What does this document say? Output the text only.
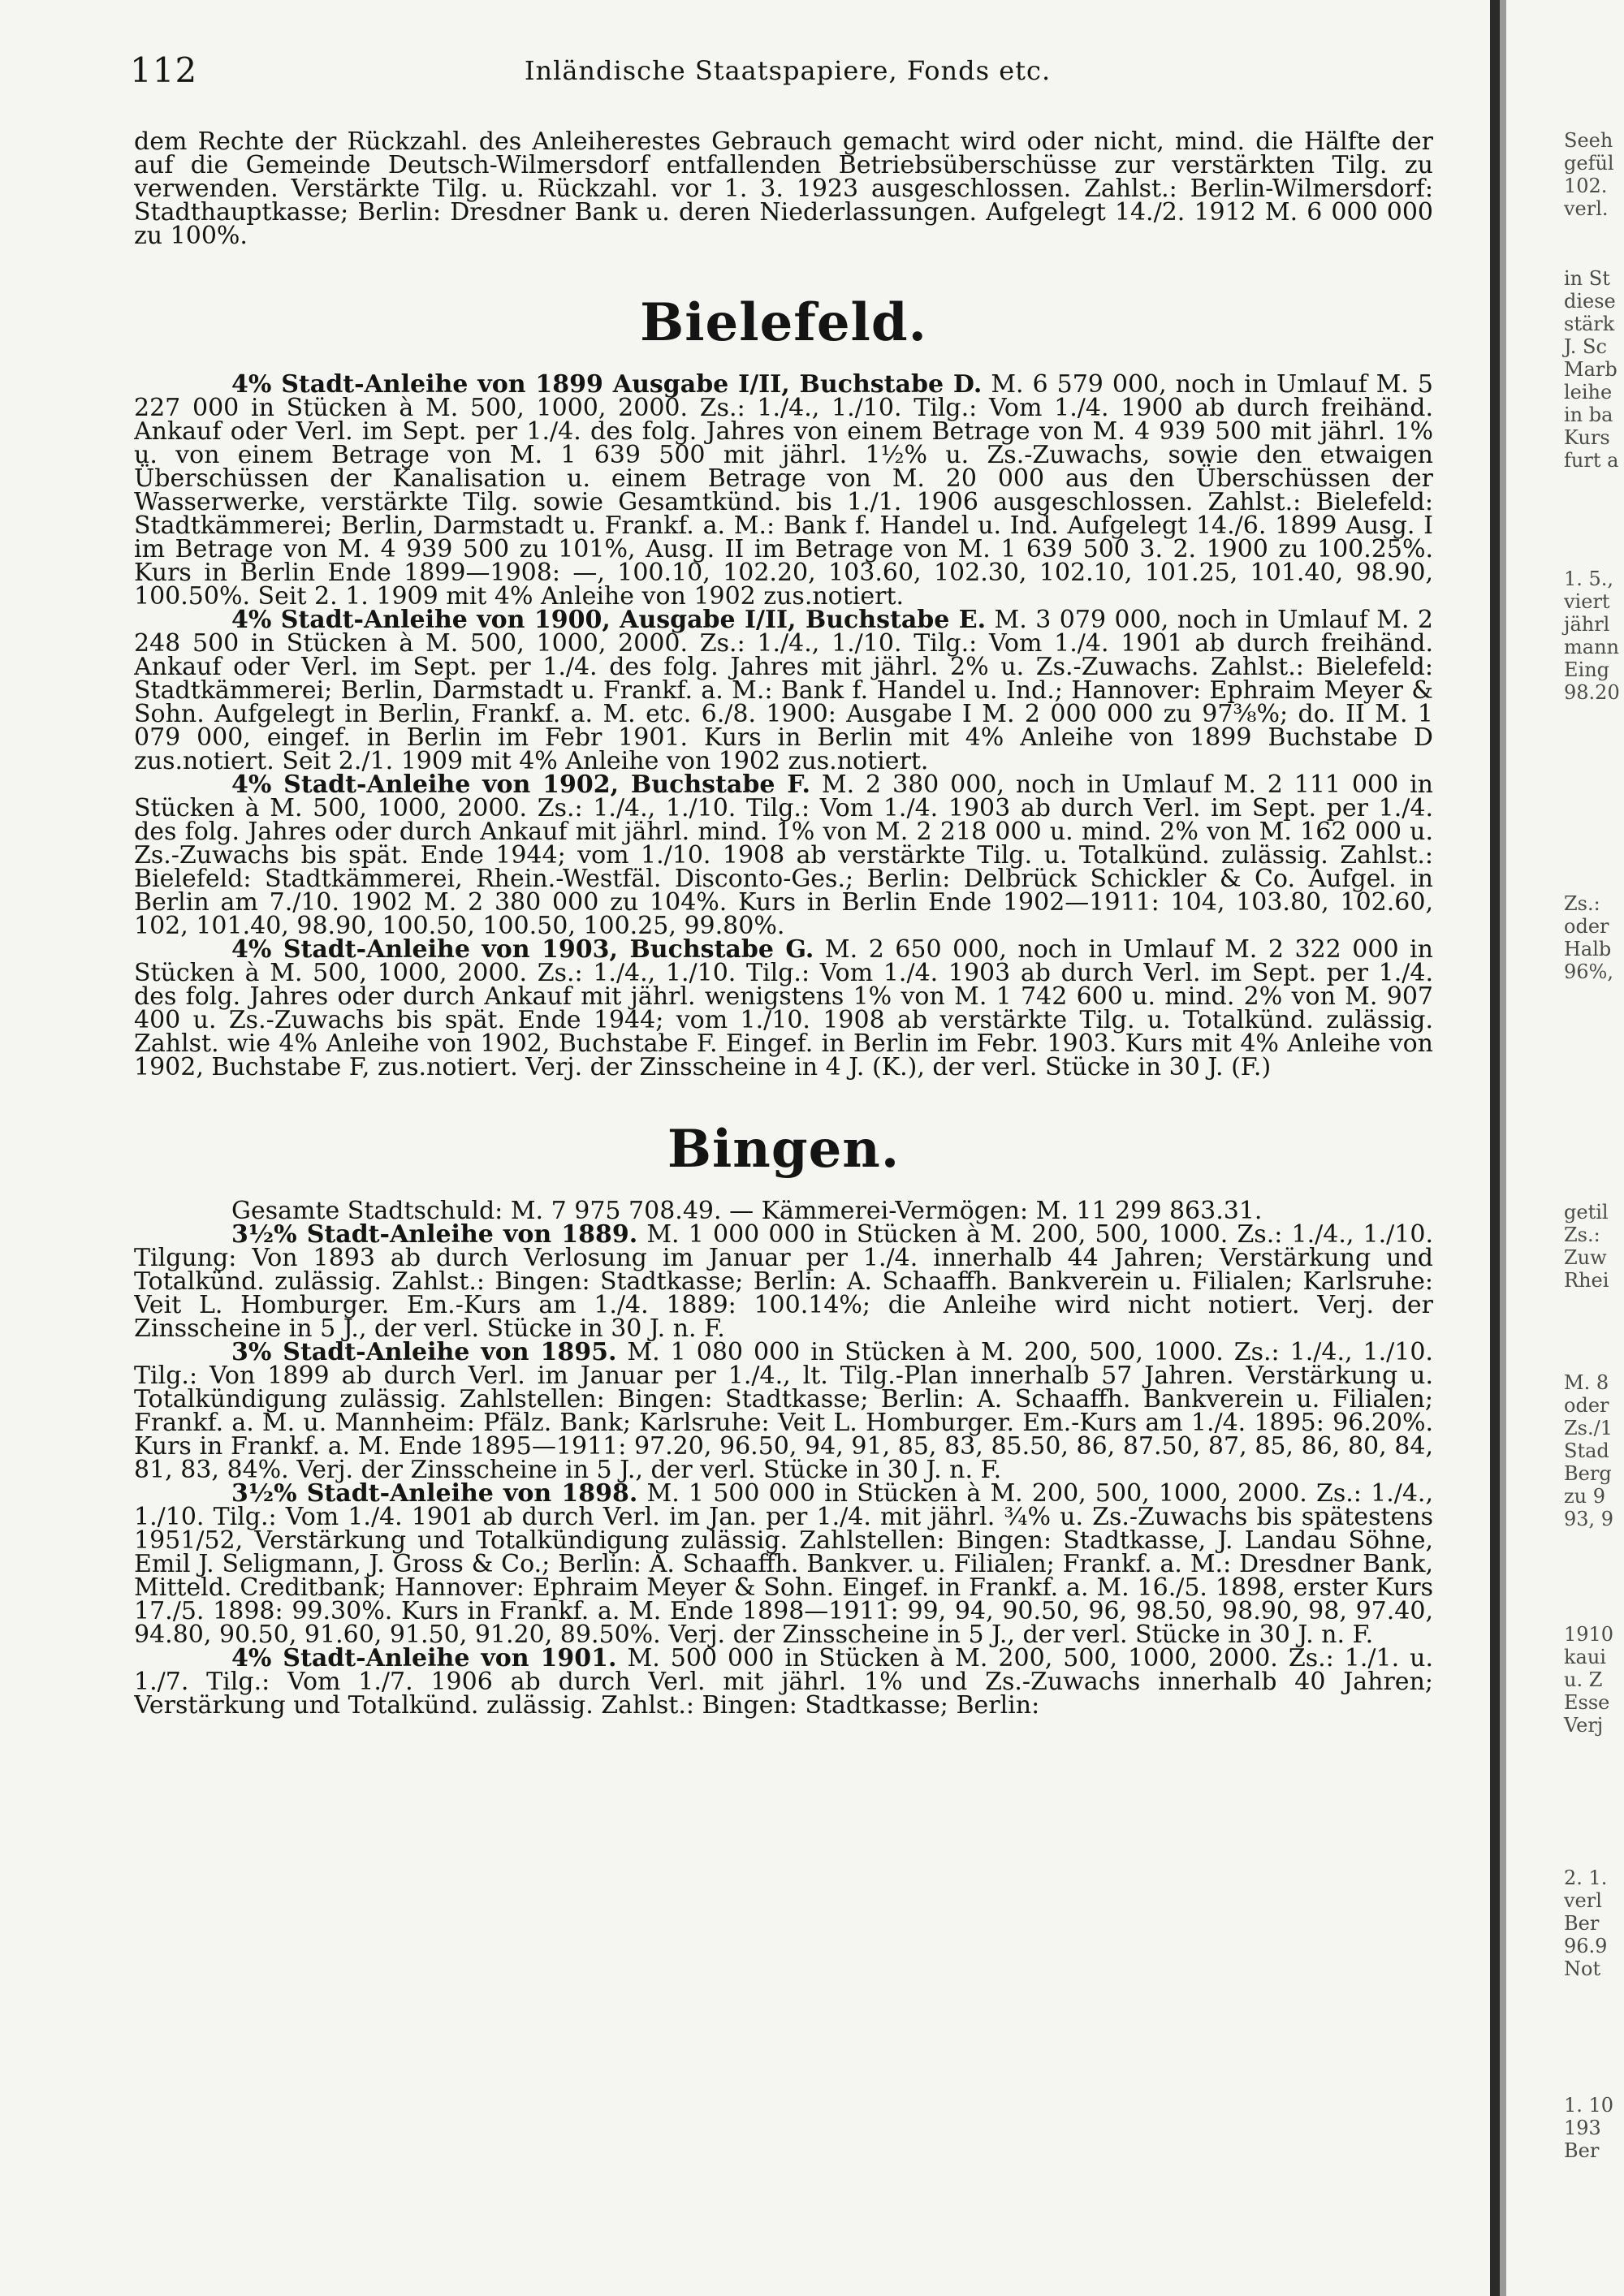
112	Inländische Staatspapiere, Fonds etc.

dem Rechte der Rückzahl. des Anleiherestes Gebrauch gemacht wird oder nicht, mind. die Hälfte der auf die Gemeinde Deutsch-Wilmersdorf entfallenden Betriebsüberschüsse zur verstärkten Tilg. zu verwenden. Verstärkte Tilg. u. Rückzahl. vor 1. 3. 1923 ausgeschlossen. Zahlst.: Berlin-Wilmersdorf: Stadthauptkasse; Berlin: Dresdner Bank u. deren Niederlassungen. Aufgelegt 14./2. 1912 M. 6 000 000 zu 100%.

Bielefeld.

4% Stadt-Anleihe von 1899 Ausgabe I/II, Buchstabe D. M. 6 579 000, noch in Umlauf M. 5 227 000 in Stücken à M. 500, 1000, 2000. Zs.: 1./4., 1./10. Tilg.: Vom 1./4. 1900 ab durch freihänd. Ankauf oder Verl. im Sept. per 1./4. des folg. Jahres von einem Betrage von M. 4 939 500 mit jährl. 1% u. von einem Betrage von M. 1 639 500 mit jährl. 1½% u. Zs.-Zuwachs, sowie den etwaigen Überschüssen der Kanalisation u. einem Betrage von M. 20 000 aus den Überschüssen der Wasserwerke, verstärkte Tilg. sowie Gesamtkünd. bis 1./1. 1906 ausgeschlossen. Zahlst.: Bielefeld: Stadtkämmerei; Berlin, Darmstadt u. Frankf. a. M.: Bank f. Handel u. Ind. Aufgelegt 14./6. 1899 Ausg. I im Betrage von M. 4 939 500 zu 101%, Ausg. II im Betrage von M. 1 639 500 3. 2. 1900 zu 100.25%. Kurs in Berlin Ende 1899—1908: —, 100.10, 102.20, 103.60, 102.30, 102.10, 101.25, 101.40, 98.90, 100.50%. Seit 2. 1. 1909 mit 4% Anleihe von 1902 zus.notiert.

4% Stadt-Anleihe von 1900, Ausgabe I/II, Buchstabe E. M. 3 079 000, noch in Umlauf M. 2 248 500 in Stücken à M. 500, 1000, 2000. Zs.: 1./4., 1./10. Tilg.: Vom 1./4. 1901 ab durch freihänd. Ankauf oder Verl. im Sept. per 1./4. des folg. Jahres mit jährl. 2% u. Zs.-Zuwachs. Zahlst.: Bielefeld: Stadtkämmerei; Berlin, Darmstadt u. Frankf. a. M.: Bank f. Handel u. Ind.; Hannover: Ephraim Meyer & Sohn. Aufgelegt in Berlin, Frankf. a. M. etc. 6./8. 1900: Ausgabe I M. 2 000 000 zu 97⅜%; do. II M. 1 079 000, eingef. in Berlin im Febr 1901. Kurs in Berlin mit 4% Anleihe von 1899 Buchstabe D zus.notiert. Seit 2./1. 1909 mit 4% Anleihe von 1902 zus.notiert.

4% Stadt-Anleihe von 1902, Buchstabe F. M. 2 380 000, noch in Umlauf M. 2 111 000 in Stücken à M. 500, 1000, 2000. Zs.: 1./4., 1./10. Tilg.: Vom 1./4. 1903 ab durch Verl. im Sept. per 1./4. des folg. Jahres oder durch Ankauf mit jährl. mind. 1% von M. 2 218 000 u. mind. 2% von M. 162 000 u. Zs.-Zuwachs bis spät. Ende 1944; vom 1./10. 1908 ab verstärkte Tilg. u. Totalkünd. zulässig. Zahlst.: Bielefeld: Stadtkämmerei, Rhein.-Westfäl. Disconto-Ges.; Berlin: Delbrück Schickler & Co. Aufgel. in Berlin am 7./10. 1902 M. 2 380 000 zu 104%. Kurs in Berlin Ende 1902—1911: 104, 103.80, 102.60, 102, 101.40, 98.90, 100.50, 100.50, 100.25, 99.80%.

4% Stadt-Anleihe von 1903, Buchstabe G. M. 2 650 000, noch in Umlauf M. 2 322 000 in Stücken à M. 500, 1000, 2000. Zs.: 1./4., 1./10. Tilg.: Vom 1./4. 1903 ab durch Verl. im Sept. per 1./4. des folg. Jahres oder durch Ankauf mit jährl. wenigstens 1% von M. 1 742 600 u. mind. 2% von M. 907 400 u. Zs.-Zuwachs bis spät. Ende 1944; vom 1./10. 1908 ab verstärkte Tilg. u. Totalkünd. zulässig. Zahlst. wie 4% Anleihe von 1902, Buchstabe F. Eingef. in Berlin im Febr. 1903. Kurs mit 4% Anleihe von 1902, Buchstabe F, zus.notiert. Verj. der Zinsscheine in 4 J. (K.), der verl. Stücke in 30 J. (F.)

Bingen.

Gesamte Stadtschuld: M. 7 975 708.49. — Kämmerei-Vermögen: M. 11 299 863.31.

3½% Stadt-Anleihe von 1889. M. 1 000 000 in Stücken à M. 200, 500, 1000. Zs.: 1./4., 1./10. Tilgung: Von 1893 ab durch Verlosung im Januar per 1./4. innerhalb 44 Jahren; Verstärkung und Totalkünd. zulässig. Zahlst.: Bingen: Stadtkasse; Berlin: A. Schaaffh. Bankverein u. Filialen; Karlsruhe: Veit L. Homburger. Em.-Kurs am 1./4. 1889: 100.14%; die Anleihe wird nicht notiert. Verj. der Zinsscheine in 5 J., der verl. Stücke in 30 J. n. F.

3% Stadt-Anleihe von 1895. M. 1 080 000 in Stücken à M. 200, 500, 1000. Zs.: 1./4., 1./10. Tilg.: Von 1899 ab durch Verl. im Januar per 1./4., lt. Tilg.-Plan innerhalb 57 Jahren. Verstärkung u. Totalkündigung zulässig. Zahlstellen: Bingen: Stadtkasse; Berlin: A. Schaaffh. Bankverein u. Filialen; Frankf. a. M. u. Mannheim: Pfälz. Bank; Karlsruhe: Veit L. Homburger. Em.-Kurs am 1./4. 1895: 96.20%. Kurs in Frankf. a. M. Ende 1895—1911: 97.20, 96.50, 94, 91, 85, 83, 85.50, 86, 87.50, 87, 85, 86, 80, 84, 81, 83, 84%. Verj. der Zinsscheine in 5 J., der verl. Stücke in 30 J. n. F.

3½% Stadt-Anleihe von 1898. M. 1 500 000 in Stücken à M. 200, 500, 1000, 2000. Zs.: 1./4., 1./10. Tilg.: Vom 1./4. 1901 ab durch Verl. im Jan. per 1./4. mit jährl. ¾% u. Zs.-Zuwachs bis spätestens 1951/52, Verstärkung und Totalkündigung zulässig. Zahlstellen: Bingen: Stadtkasse, J. Landau Söhne, Emil J. Seligmann, J. Gross & Co.; Berlin: A. Schaaffh. Bankver. u. Filialen; Frankf. a. M.: Dresdner Bank, Mitteld. Creditbank; Hannover: Ephraim Meyer & Sohn. Eingef. in Frankf. a. M. 16./5. 1898, erster Kurs 17./5. 1898: 99.30%. Kurs in Frankf. a. M. Ende 1898—1911: 99, 94, 90.50, 96, 98.50, 98.90, 98, 97.40, 94.80, 90.50, 91.60, 91.50, 91.20, 89.50%. Verj. der Zinsscheine in 5 J., der verl. Stücke in 30 J. n. F.

4% Stadt-Anleihe von 1901. M. 500 000 in Stücken à M. 200, 500, 1000, 2000. Zs.: 1./1. u. 1./7. Tilg.: Vom 1./7. 1906 ab durch Verl. mit jährl. 1% und Zs.-Zuwachs innerhalb 40 Jahren; Verstärkung und Totalkünd. zulässig. Zahlst.: Bingen: Stadtkasse; Berlin:

Seeh
gefül
102.
verl.
in St
diese
stärk
J. Sc
Marb
leihe
in ba
Kurs
furt a
1. 5.,
viert
jährl
mann
Eing
98.20
Zs.:
oder
Halb
96%,
getil
Zs.:
Zuw
Rhei
M. 8
oder
Zs./1
Stad
Berg
zu 9
93, 9
1910
kaui
u. Z
Esse
Verj
2. 1.
verl
Ber
96.9
Not
1. 10
193
Ber
